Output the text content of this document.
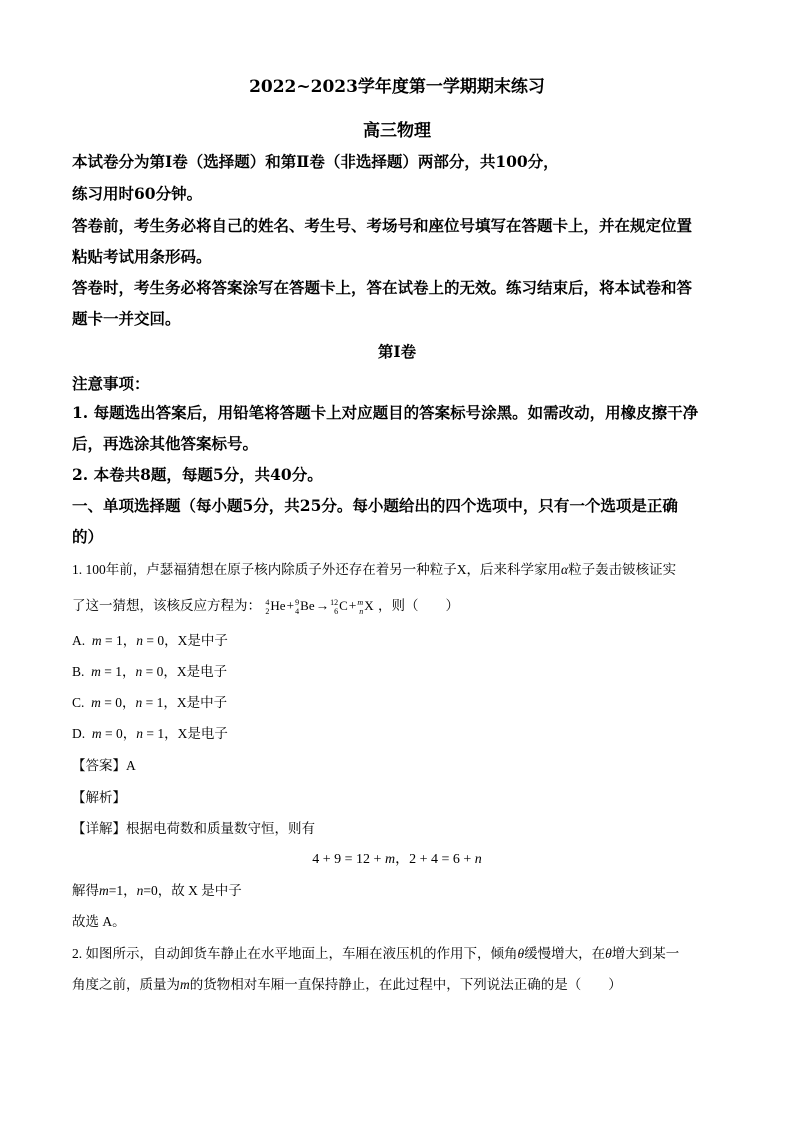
2022~2023学年度第一学期期末练习
高三物理
本试卷分为第Ⅰ卷（选择题）和第Ⅱ卷（非选择题）两部分，共100分，
练习用时60分钟。
答卷前，考生务必将自己的姓名、考生号、考场号和座位号填写在答题卡上，并在规定位置
粘贴考试用条形码。
答卷时，考生务必将答案涂写在答题卡上，答在试卷上的无效。练习结束后，将本试卷和答
题卡一并交回。
第Ⅰ卷
注意事项：
1. 每题选出答案后，用铅笔将答题卡上对应题目的答案标号涂黑。如需改动，用橡皮擦干净
后，再选涂其他答案标号。
2. 本卷共8题，每题5分，共40分。
一、单项选择题（每小题5分，共25分。每小题给出的四个选项中，只有一个选项是正确
的）
1. 100年前，卢瑟福猜想在原子核内除质子外还存在着另一种粒子X，后来科学家用α粒子轰击铍核证实
了这一猜想，该核反应方程为： 4
2 He+ 9
4 Be→ 12
6 C+ m
n X ，则（　　）
A. m = 1，n = 0，X是中子
B. m = 1，n = 0，X是电子
C. m = 0，n = 1，X是中子
D. m = 0，n = 1，X是电子
【答案】A
【解析】
【详解】根据电荷数和质量数守恒，则有
4 + 9 = 12 + m，2 + 4 = 6 + n
解得m=1，n=0，故 X 是中子
故选 A。
2. 如图所示，自动卸货车静止在水平地面上，车厢在液压机的作用下，倾角θ缓慢增大，在θ增大到某一
角度之前，质量为m的货物相对车厢一直保持静止，在此过程中，下列说法正确的是（　　）
